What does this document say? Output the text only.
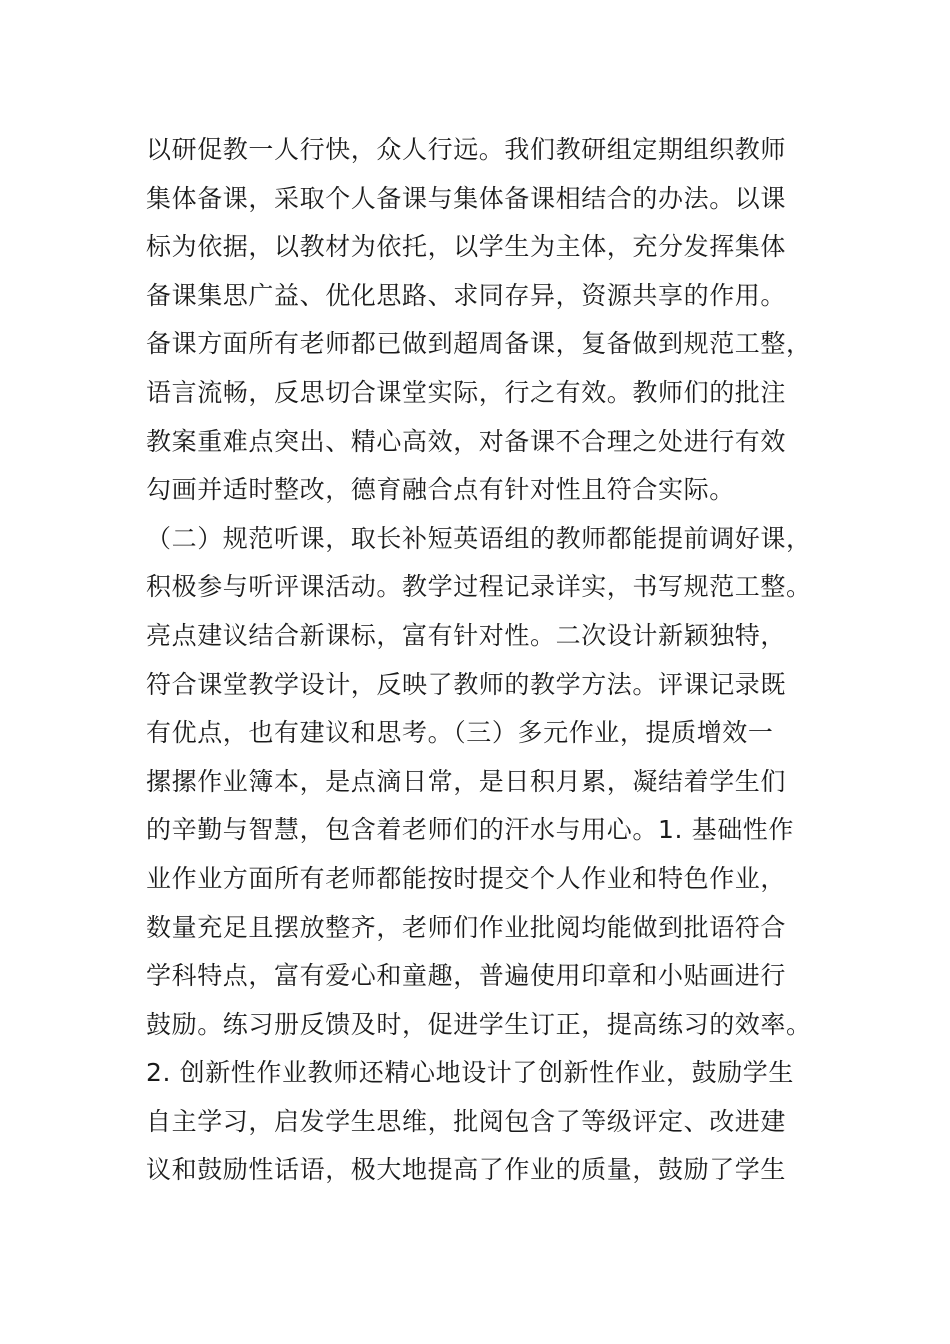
以研促教一人行快，众人行远。我们教研组定期组织教师
集体备课，采取个人备课与集体备课相结合的办法。以课
标为依据，以教材为依托，以学生为主体，充分发挥集体
备课集思广益、优化思路、求同存异，资源共享的作用。
备课方面所有老师都已做到超周备课，复备做到规范工整，
语言流畅，反思切合课堂实际，行之有效。教师们的批注
教案重难点突出、精心高效，对备课不合理之处进行有效
勾画并适时整改，德育融合点有针对性且符合实际。
（二）规范听课，取长补短英语组的教师都能提前调好课，
积极参与听评课活动。教学过程记录详实，书写规范工整。
亮点建议结合新课标，富有针对性。二次设计新颖独特，
符合课堂教学设计，反映了教师的教学方法。评课记录既
有优点，也有建议和思考。（三）多元作业，提质增效一
摞摞作业簿本，是点滴日常，是日积月累，凝结着学生们
的辛勤与智慧，包含着老师们的汗水与用心。1. 基础性作
业作业方面所有老师都能按时提交个人作业和特色作业，
数量充足且摆放整齐，老师们作业批阅均能做到批语符合
学科特点，富有爱心和童趣，普遍使用印章和小贴画进行
鼓励。练习册反馈及时，促进学生订正，提高练习的效率。
2. 创新性作业教师还精心地设计了创新性作业，鼓励学生
自主学习，启发学生思维，批阅包含了等级评定、改进建
议和鼓励性话语，极大地提高了作业的质量，鼓励了学生
